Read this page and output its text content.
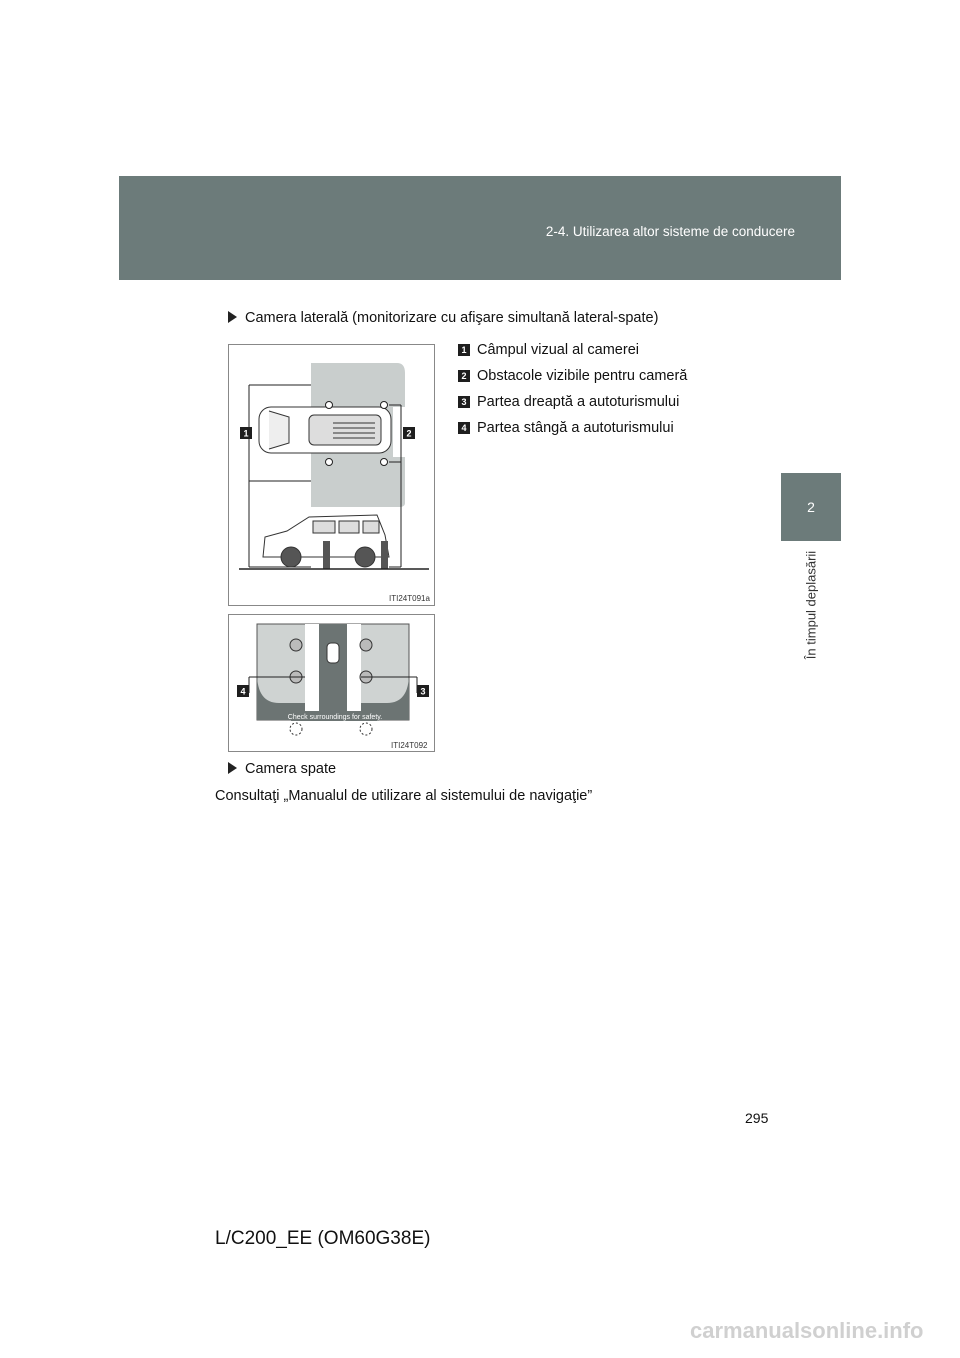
2-4. Utilizarea altor sisteme de conducere
2
În timpul deplasării
Camera laterală (monitorizare cu afişare simultană lateral-spate)
1 Câmpul vizual al camerei
2 Obstacole vizibile pentru cameră
3 Partea dreaptă a autoturismului
4 Partea stângă a autoturismului
1	2
ITI24T091a
Check surroundings for safety.
4	3
ITI24T092
Camera spate
Consultaţi „Manualul de utilizare al sistemului de navigaţie”
295
L/C200_EE (OM60G38E)
carmanualsonline.info
